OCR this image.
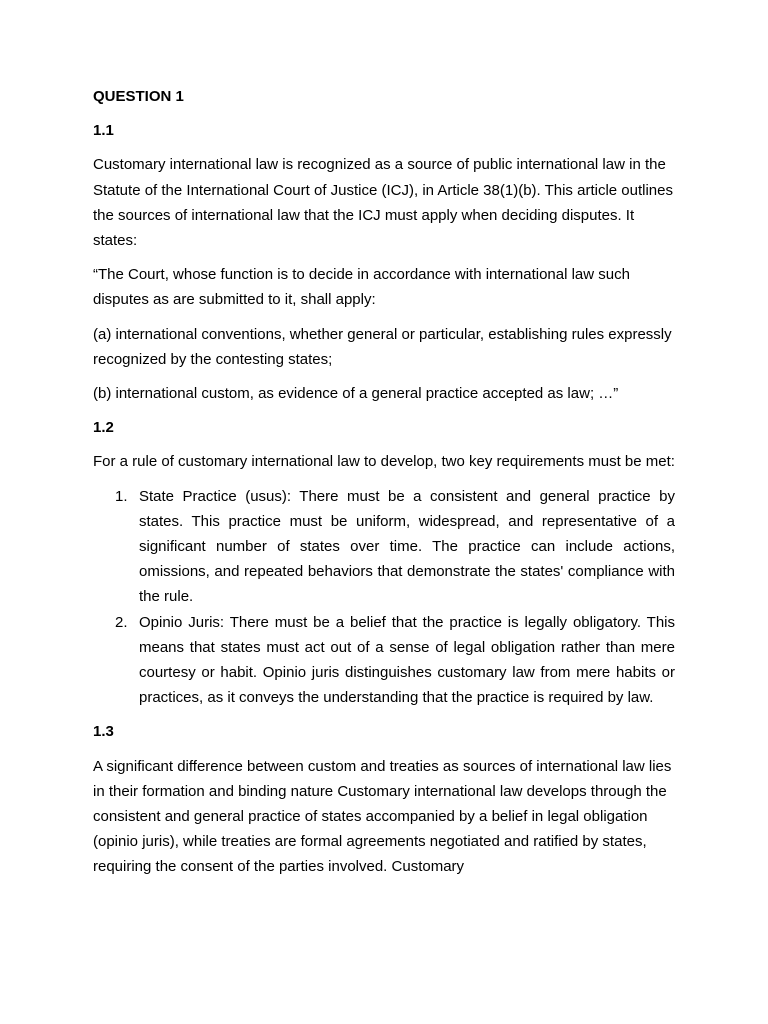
QUESTION 1
1.1

Customary international law is recognized as a source of public international law in the Statute of the International Court of Justice (ICJ), in Article 38(1)(b). This article outlines the sources of international law that the ICJ must apply when deciding disputes. It states:

“The Court, whose function is to decide in accordance with international law such disputes as are submitted to it, shall apply:

(a) international conventions, whether general or particular, establishing rules expressly recognized by the contesting states;

(b) international custom, as evidence of a general practice accepted as law; …”

1.2

For a rule of customary international law to develop, two key requirements must be met:

1. State Practice (usus): There must be a consistent and general practice by states. This practice must be uniform, widespread, and representative of a significant number of states over time. The practice can include actions, omissions, and repeated behaviors that demonstrate the states' compliance with the rule.
2. Opinio Juris: There must be a belief that the practice is legally obligatory. This means that states must act out of a sense of legal obligation rather than mere courtesy or habit. Opinio juris distinguishes customary law from mere habits or practices, as it conveys the understanding that the practice is required by law.
1.3

A significant difference between custom and treaties as sources of international law lies in their formation and binding nature Customary international law develops through the consistent and general practice of states accompanied by a belief in legal obligation (opinio juris), while treaties are formal agreements negotiated and ratified by states, requiring the consent of the parties involved. Customary
